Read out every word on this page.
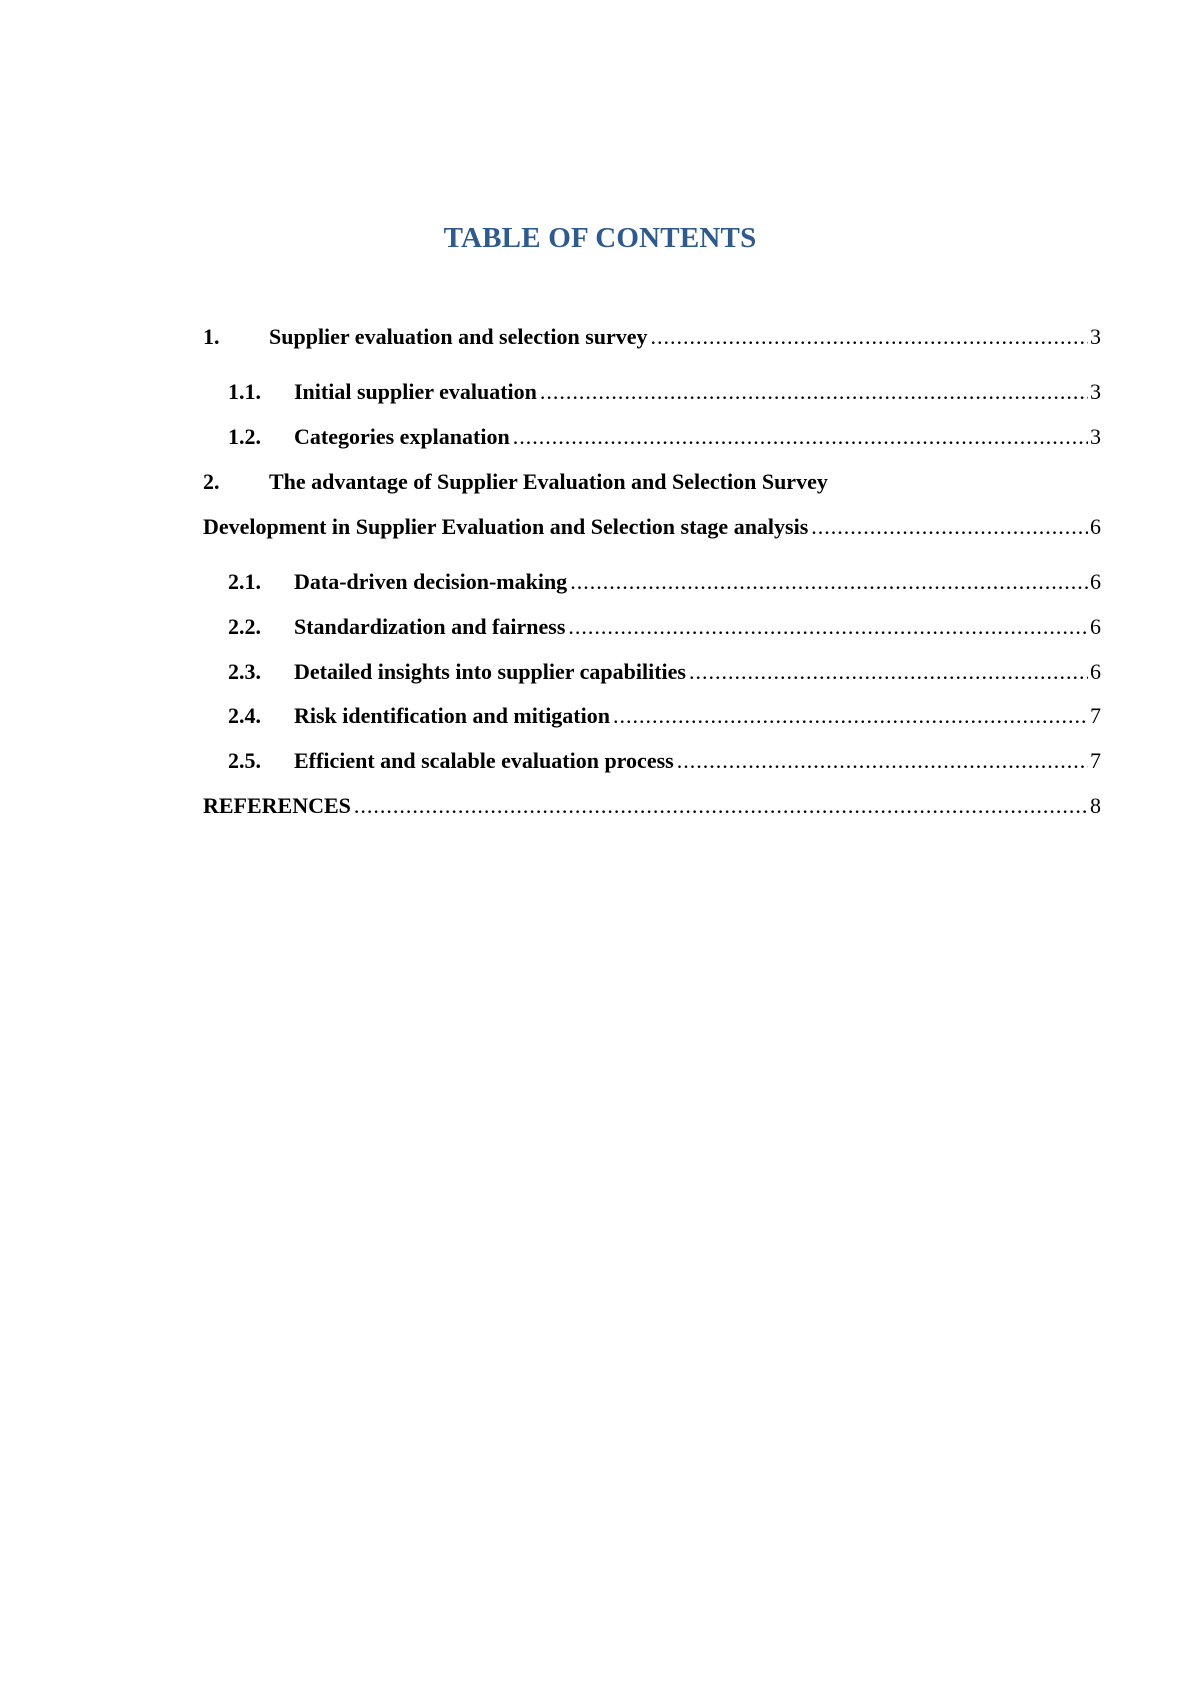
TABLE OF CONTENTS
1.	Supplier evaluation and selection survey .....	3
1.1.	Initial supplier evaluation .....	3
1.2.	Categories explanation .....	3
2.	The advantage of Supplier Evaluation and Selection Survey
Development in Supplier Evaluation and Selection stage analysis .....	6
2.1.	Data-driven decision-making .....	6
2.2.	Standardization and fairness .....	6
2.3.	Detailed insights into supplier capabilities .....	6
2.4.	Risk identification and mitigation .....	7
2.5.	Efficient and scalable evaluation process .....	7
REFERENCES .....	8
